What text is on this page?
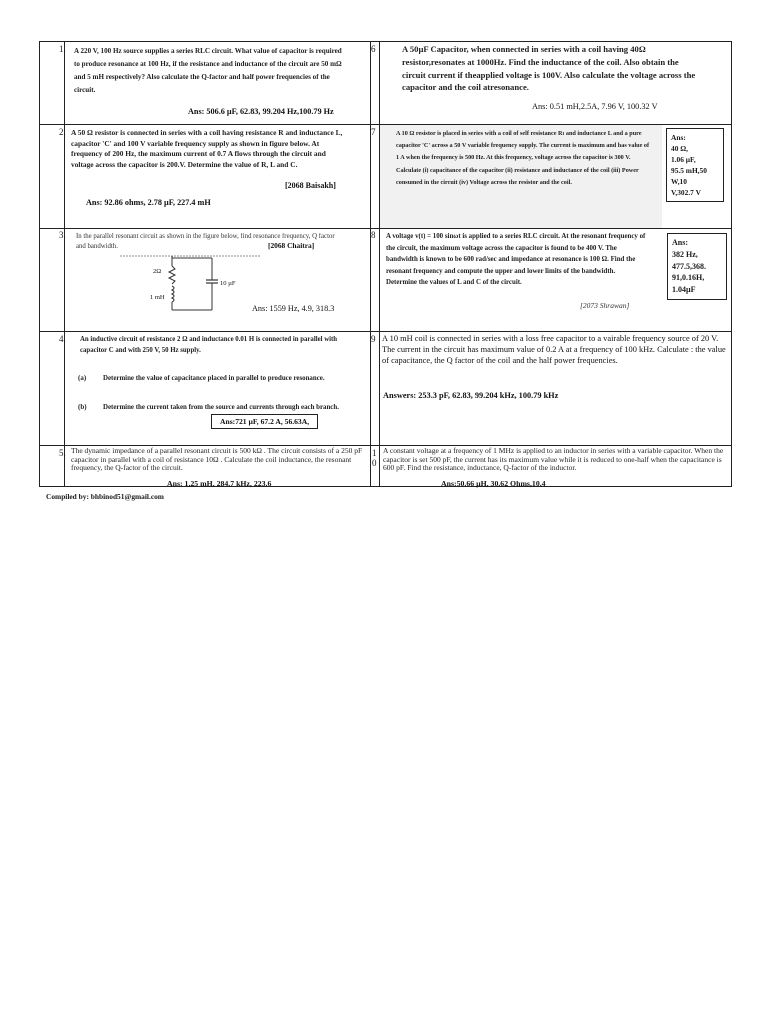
1.
2.
3.
4.
5.
6
7
8
9
1
0
A 220 V, 100 Hz source supplies a series RLC circuit. What value of capacitor is required to produce resonance at 100 Hz, if the resistance and inductance of the circuit are 50 mΩ and 5 mH respectively? Also calculate the Q-factor and half power frequencies of the circuit.
Ans: 506.6 µF, 62.83, 99.204 Hz,100.79 Hz
A 50 Ω resistor is connected in series with a coil having resistance R and inductance L, capacitor 'C' and 100 V variable frequency supply as shown in figure below. At frequency of 200 Hz, the maximum current of 0.7 A flows through the circuit and voltage across the capacitor is 200.V. Determine the value of R, L and C.
[2068 Baisakh]
Ans: 92.86 ohms, 2.78 µF, 227.4 mH
In the parallel resonant circuit as shown in the figure below, find resonance frequency, Q factor and bandwidth.	[2068 Chaitra]
2Ω
1 mH
10 µF
Ans: 1559 Hz, 4.9, 318.3
An inductive circuit of resistance 2 Ω and inductance 0.01 H is connected in parallel with capacitor C and with 250 V, 50 Hz supply.
(a) Determine the value of capacitance placed in parallel to produce resonance.
(b) Determine the current taken from the source and currents through each branch.
Ans:721 µF, 67.2 A, 56.63A,
The dynamic impedance of a parallel resonant circuit is 500 kΩ . The circuit consists of a 250 pF capacitor in parallel with a coil of resistance 10Ω . Calculate the coil inductance, the resonant frequency, the Q-factor of the circuit.
Ans: 1.25 mH, 284.7 kHz, 223.6
A 50µF Capacitor, when connected in series with a coil having 40Ω resistor,resonates at 1000Hz. Find the inductance of the coil. Also obtain the circuit current if theapplied voltage is 100V. Also calculate the voltage across the capacitor and the coil atresonance.
Ans: 0.51 mH,2.5A, 7.96 V, 100.32 V
A 10 Ω resistor is placed in series with a coil of self resistance Rₗ and inductance L and a pure capacitor 'C' across a 50 V variable frequency supply. The current is maximum and has value of 1 A when the frequency is 500 Hz. At this frequency, voltage across the capacitor is 300 V. Calculate (i) capacitance of the capacitor (ii) resistance and inductance of the coil (iii) Power consumed in the circuit (iv) Voltage across the resistor and the coil.
Ans:
40 Ω,
1.06 µF,
95.5 mH,50
W,10
V,302.7 V
A voltage v(t) = 100 sinωt is applied to a series RLC circuit. At the resonant frequency of the circuit, the maximum voltage across the capacitor is found to be 400 V. The bandwidth is known to be 600 rad/sec and impedance at resonance is 100 Ω. Find the resonant frequency and compute the upper and lower limits of the bandwidth. Determine the values of L and C of the circuit.
[2073 Shrawan]
Ans:
382 Hz,
477.5,368.
91,0.16H,
1.04µF
A 10 mH coil is connected in series with a loss free capacitor to a vairable frequency source of 20 V. The current in the circuit has maximum value of 0.2 A at a frequency of 100 kHz. Calculate : the value of capacitance, the Q factor of the coil and the half power frequencies.
Answers: 253.3 pF, 62.83, 99.204 kHz, 100.79 kHz
A constant voltage at a frequency of 1 MHz is applied to an inductor in series with a variable capacitor. When the capacitor is set 500 pF, the current has its maximum value while it is reduced to one-half when the capacitance is 600 pF. Find the resistance, inductance, Q-factor of the inductor.
Ans:50.66 µH, 30.62 Ohms,10.4
Compiled by: bhbinod51@gmail.com
